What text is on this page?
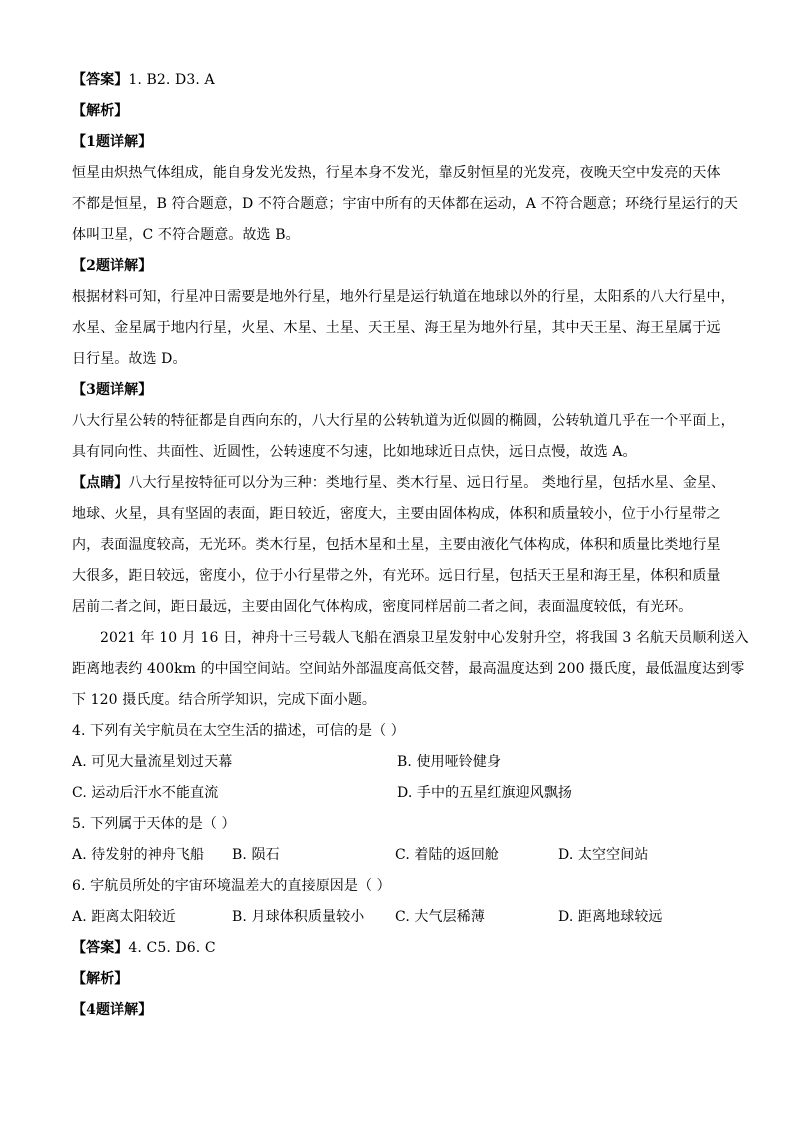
【答案】1. B2. D3. A
【解析】
【1题详解】
恒星由炽热气体组成，能自身发光发热，行星本身不发光，靠反射恒星的光发亮，夜晚天空中发亮的天体
不都是恒星，B 符合题意，D 不符合题意；宇宙中所有的天体都在运动，A 不符合题意；环绕行星运行的天
体叫卫星，C 不符合题意。故选 B。
【2题详解】
根据材料可知，行星冲日需要是地外行星，地外行星是运行轨道在地球以外的行星，太阳系的八大行星中，
水星、金星属于地内行星，火星、木星、土星、天王星、海王星为地外行星，其中天王星、海王星属于远
日行星。故选 D。
【3题详解】
八大行星公转的特征都是自西向东的，八大行星的公转轨道为近似圆的椭圆，公转轨道几乎在一个平面上，
具有同向性、共面性、近圆性，公转速度不匀速，比如地球近日点快，远日点慢，故选 A。
【点睛】八大行星按特征可以分为三种：类地行星、类木行星、远日行星。 类地行星，包括水星、金星、
地球、火星，具有坚固的表面，距日较近，密度大，主要由固体构成，体积和质量较小，位于小行星带之
内，表面温度较高，无光环。类木行星，包括木星和土星，主要由液化气体构成，体积和质量比类地行星
大很多，距日较远，密度小，位于小行星带之外，有光环。远日行星，包括天王星和海王星，体积和质量
居前二者之间，距日最远，主要由固化气体构成，密度同样居前二者之间，表面温度较低，有光环。
2021 年 10 月 16 日，神舟十三号载人飞船在酒泉卫星发射中心发射升空，将我国 3 名航天员顺利送入
距离地表约 400km 的中国空间站。空间站外部温度高低交替，最高温度达到 200 摄氏度，最低温度达到零
下 120 摄氏度。结合所学知识，完成下面小题。
4. 下列有关宇航员在太空生活的描述，可信的是（ ）
A. 可见大量流星划过天幕	B. 使用哑铃健身
C. 运动后汗水不能直流	D. 手中的五星红旗迎风飘扬
5. 下列属于天体的是（ ）
A. 待发射的神舟飞船	B. 陨石	C. 着陆的返回舱	D. 太空空间站
6. 宇航员所处的宇宙环境温差大的直接原因是（ ）
A. 距离太阳较近	B. 月球体积质量较小	C. 大气层稀薄	D. 距离地球较远
【答案】4. C5. D6. C
【解析】
【4题详解】
